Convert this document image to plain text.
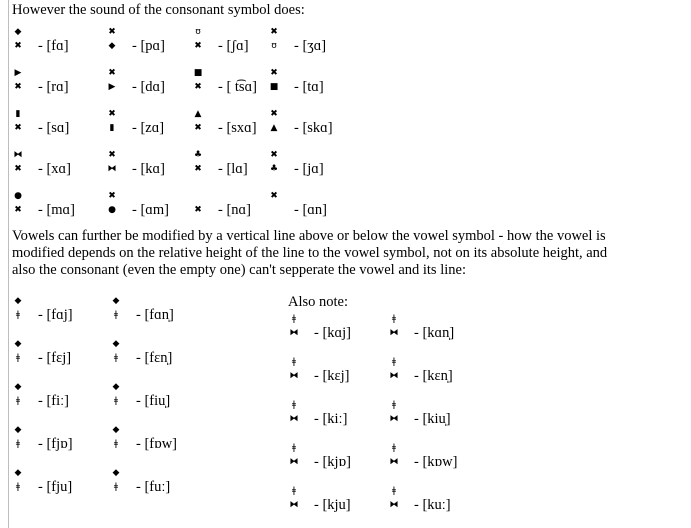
However the sound of the consonant symbol does:
◆
✖ - [fɑ]
✖
◆ - [pɑ]
ʊ
✖ - [ʃɑ]
✖
ʊ - [ʒɑ]
▶
✖ - [rɑ]
✖
▶ - [dɑ]
■
✖ - [ t͡sɑ]
✖
■ - [tɑ]
▮
✖ - [sɑ]
✖
▮ - [zɑ]
▲
✖ - [sxɑ]
✖
▲ - [skɑ]
⧓
✖ - [xɑ]
✖
⧓ - [kɑ]
♣
✖ - [lɑ]
✖
♣ - [jɑ]
●
✖ - [mɑ]
✖
● - [ɑm]	✖ - [nɑ]
✖
- [ɑn]
Vowels can further be modified by a vertical line above or below the vowel symbol - how the vowel is
modified depends on the relative height of the line to the vowel symbol, not on its absolute height, and
also the consonant (even the empty one) can't sepperate the vowel and its line:
◆
ǂ - [fɑj]
◆
ǂ - [fɑn̩]
◆
ǂ - [fɛj]
◆
ǂ - [fɛn̩]
◆
ǂ - [fiː]
◆
ǂ - [fiu̩]
◆
ǂ - [fjɒ]
◆
ǂ - [fɒw]
◆
ǂ - [fju]
◆
ǂ - [fuː]
Also note:
ǂ
⧓ - [kɑj]
ǂ
⧓ - [kɑn̩]
ǂ
⧓ - [kɛj]
ǂ
⧓ - [kɛn̩]
ǂ
⧓ - [kiː]
ǂ
⧓ - [kiu̩]
ǂ
⧓ - [kjɒ]
ǂ
⧓ - [kɒw]
ǂ
⧓ - [kju]
ǂ
⧓ - [kuː]
